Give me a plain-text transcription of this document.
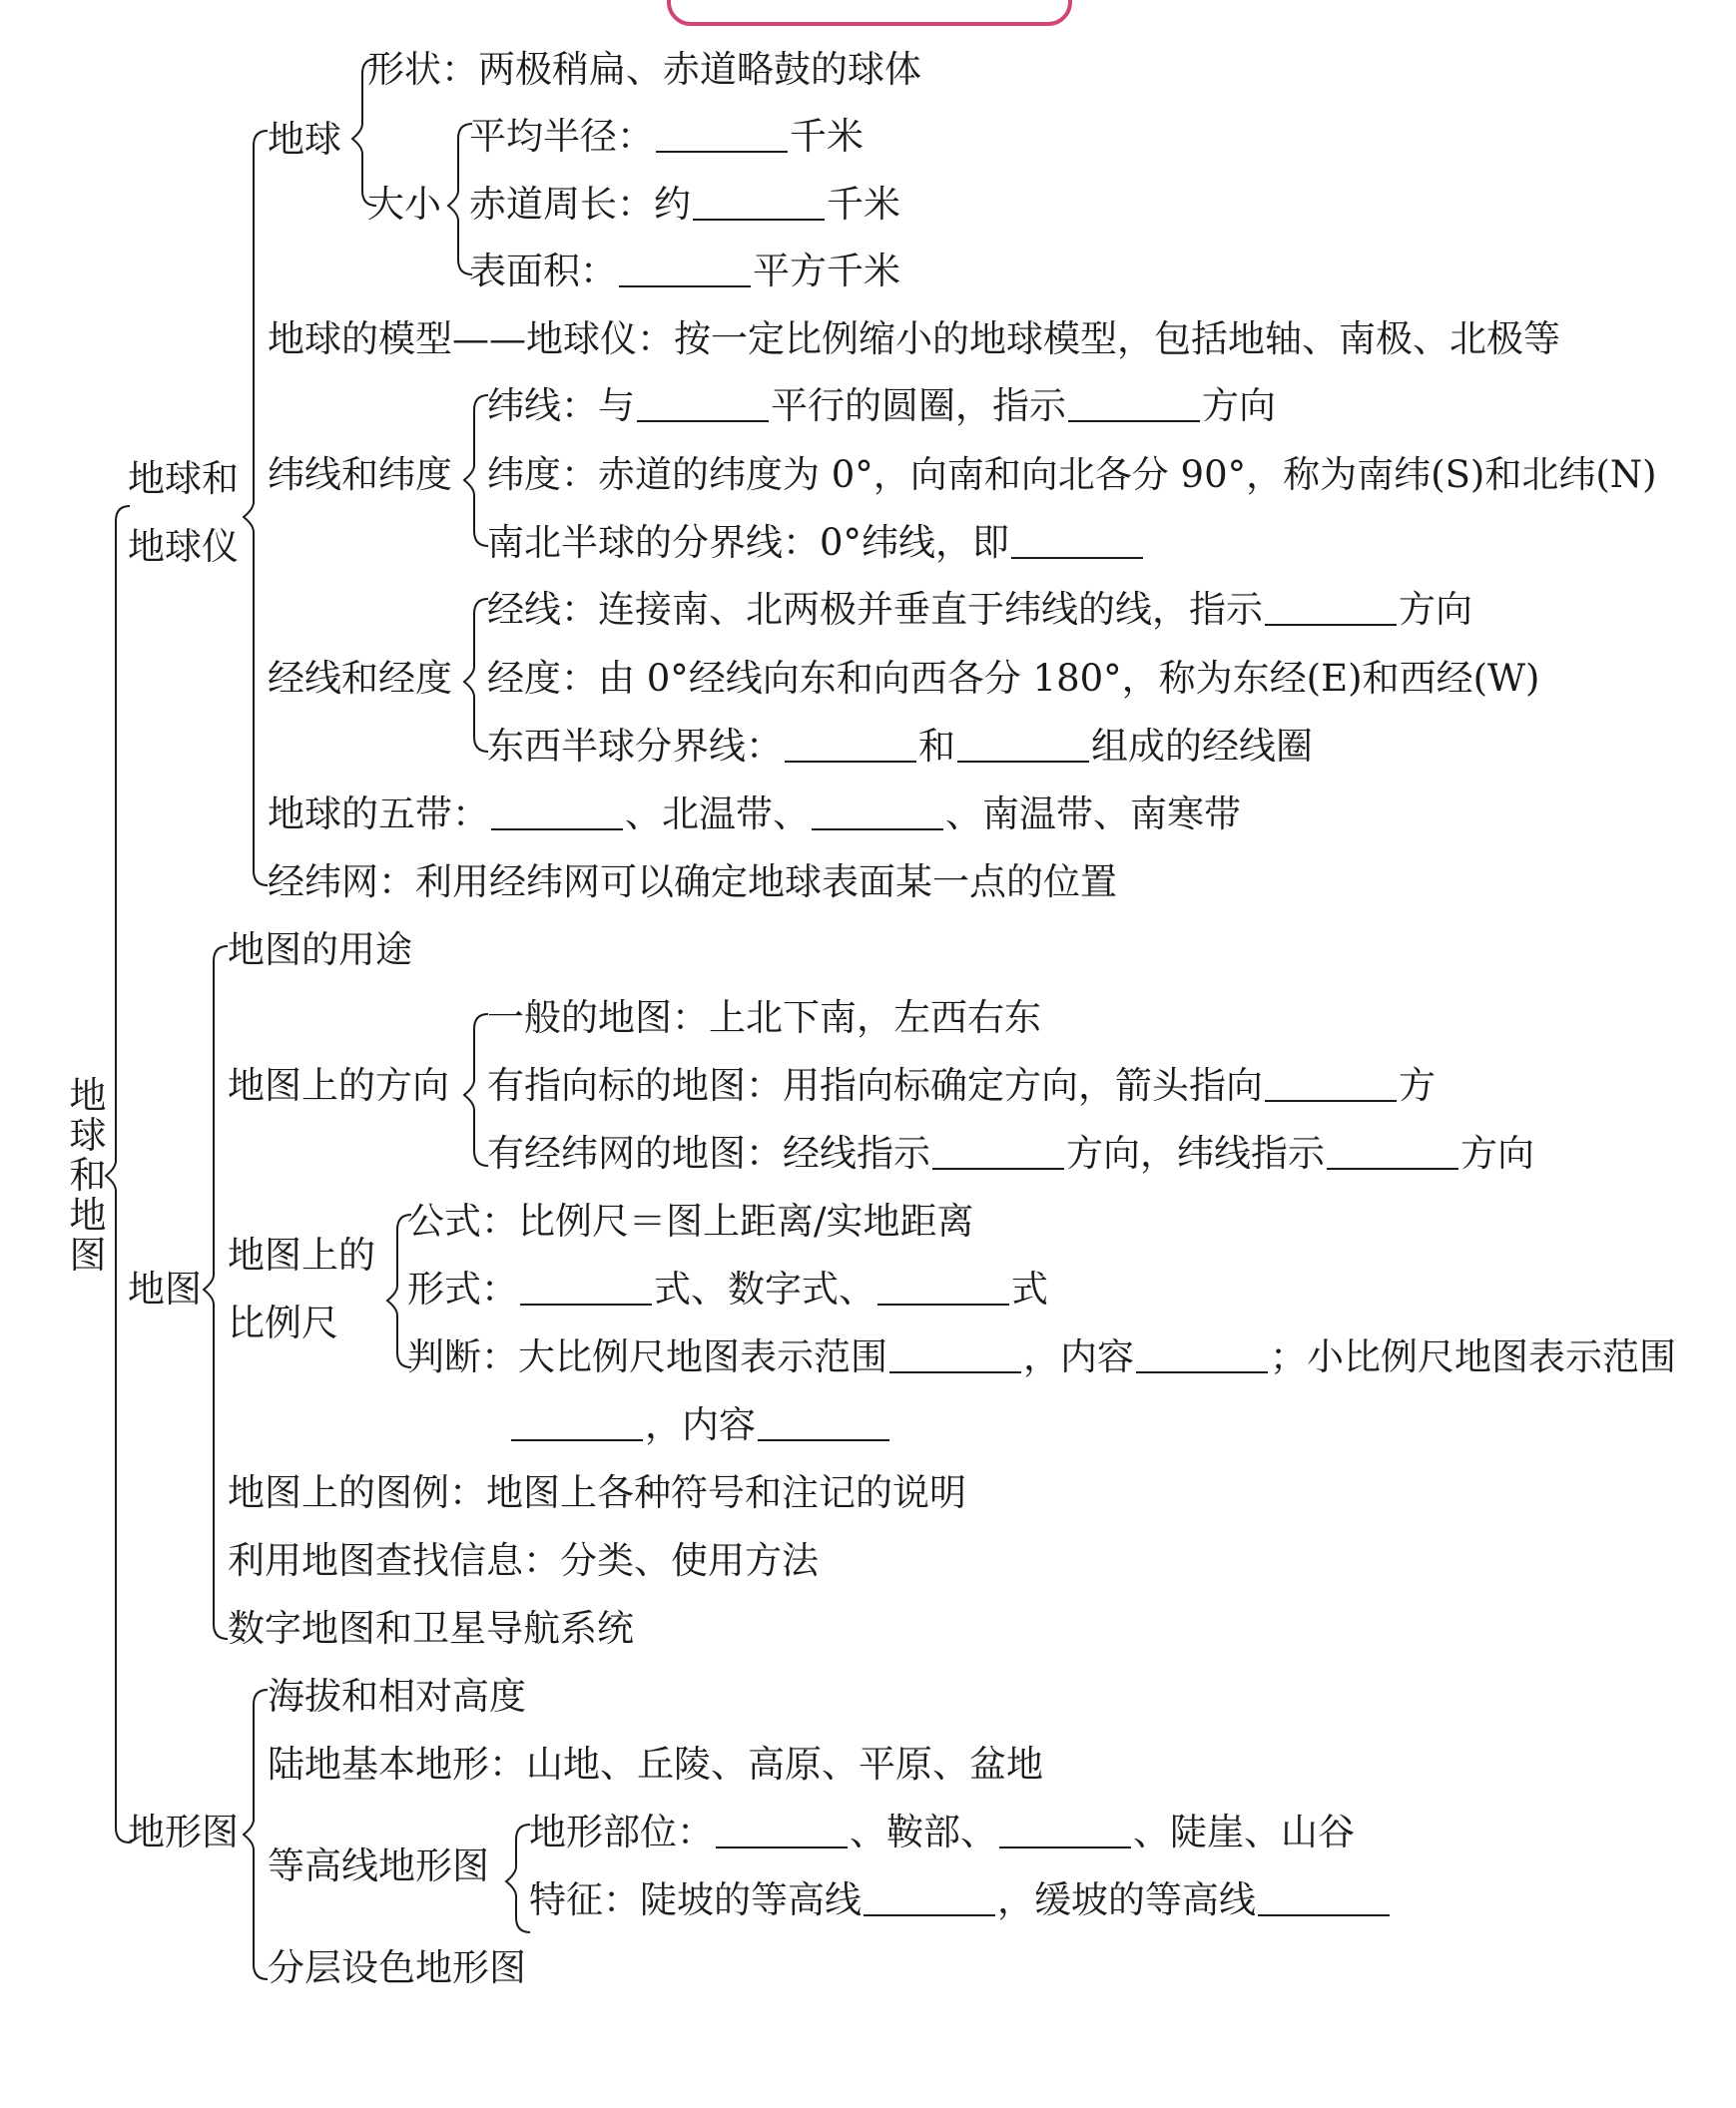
地球和地图
地球和
地球仪
地球
形状：两极稍扁、赤道略鼓的球体
大小
平均半径：	千米
赤道周长：约	千米
表面积：	平方千米
地球的模型——地球仪：按一定比例缩小的地球模型，包括地轴、南极、北极等
纬线和纬度
纬线：与	平行的圆圈，指示	方向
纬度：赤道的纬度为 0°，向南和向北各分 90°，称为南纬(S)和北纬(N)
南北半球的分界线：0°纬线，即
经线和经度
经线：连接南、北两极并垂直于纬线的线，指示	方向
经度：由 0°经线向东和向西各分 180°，称为东经(E)和西经(W)
东西半球分界线：	和	组成的经线圈
地球的五带：	、北温带、	、南温带、南寒带
经纬网：利用经纬网可以确定地球表面某一点的位置
地图
地图的用途
地图上的方向
一般的地图：上北下南，左西右东
有指向标的地图：用指向标确定方向，箭头指向	方
有经纬网的地图：经线指示	方向，纬线指示	方向
地图上的
比例尺
公式：比例尺＝图上距离/实地距离
形式：	式、数字式、	式
判断：大比例尺地图表示范围	，内容	；小比例尺地图表示范围
，内容
地图上的图例：地图上各种符号和注记的说明
利用地图查找信息：分类、使用方法
数字地图和卫星导航系统
地形图
海拔和相对高度
陆地基本地形：山地、丘陵、高原、平原、盆地
等高线地形图
地形部位：	、鞍部、	、陡崖、山谷
特征：陡坡的等高线	，缓坡的等高线
分层设色地形图
